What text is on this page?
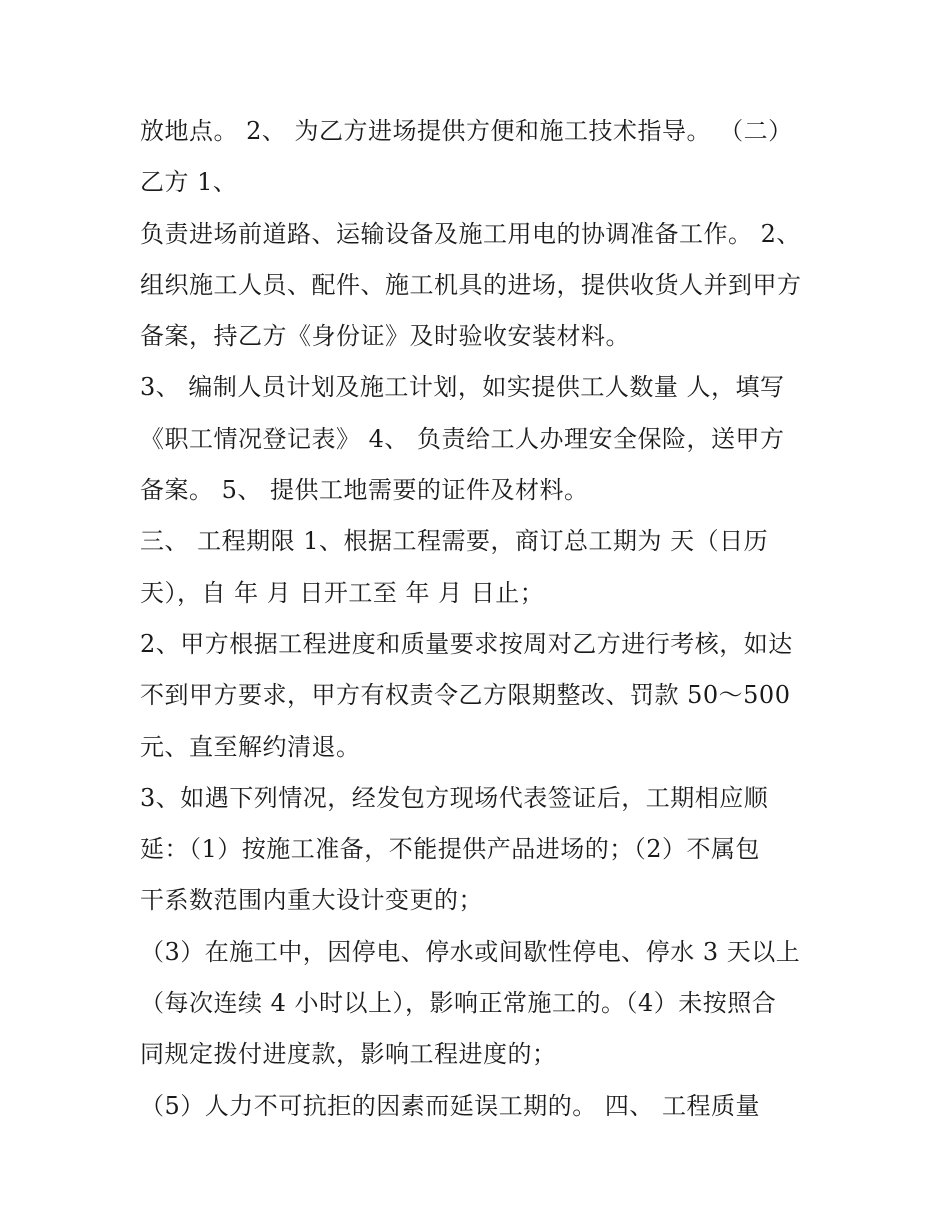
放地点。 2、 为乙方进场提供方便和施工技术指导。 （二）
乙方 1、
负责进场前道路、运输设备及施工用电的协调准备工作。 2、
组织施工人员、配件、施工机具的进场，提供收货人并到甲方
备案，持乙方《身份证》及时验收安装材料。
3、 编制人员计划及施工计划，如实提供工人数量 人，填写
《职工情况登记表》 4、 负责给工人办理安全保险，送甲方
备案。 5、 提供工地需要的证件及材料。
三、 工程期限 1、根据工程需要，商订总工期为 天（日历
天），自 年 月 日开工至 年 月 日止；
2、甲方根据工程进度和质量要求按周对乙方进行考核，如达
不到甲方要求，甲方有权责令乙方限期整改、罚款 50～500
元、直至解约清退。
3、如遇下列情况，经发包方现场代表签证后，工期相应顺
延：（1）按施工准备，不能提供产品进场的；（2）不属包
干系数范围内重大设计变更的；
（3）在施工中，因停电、停水或间歇性停电、停水 3 天以上
（每次连续 4 小时以上），影响正常施工的。（4）未按照合
同规定拨付进度款，影响工程进度的；
（5）人力不可抗拒的因素而延误工期的。 四、 工程质量
